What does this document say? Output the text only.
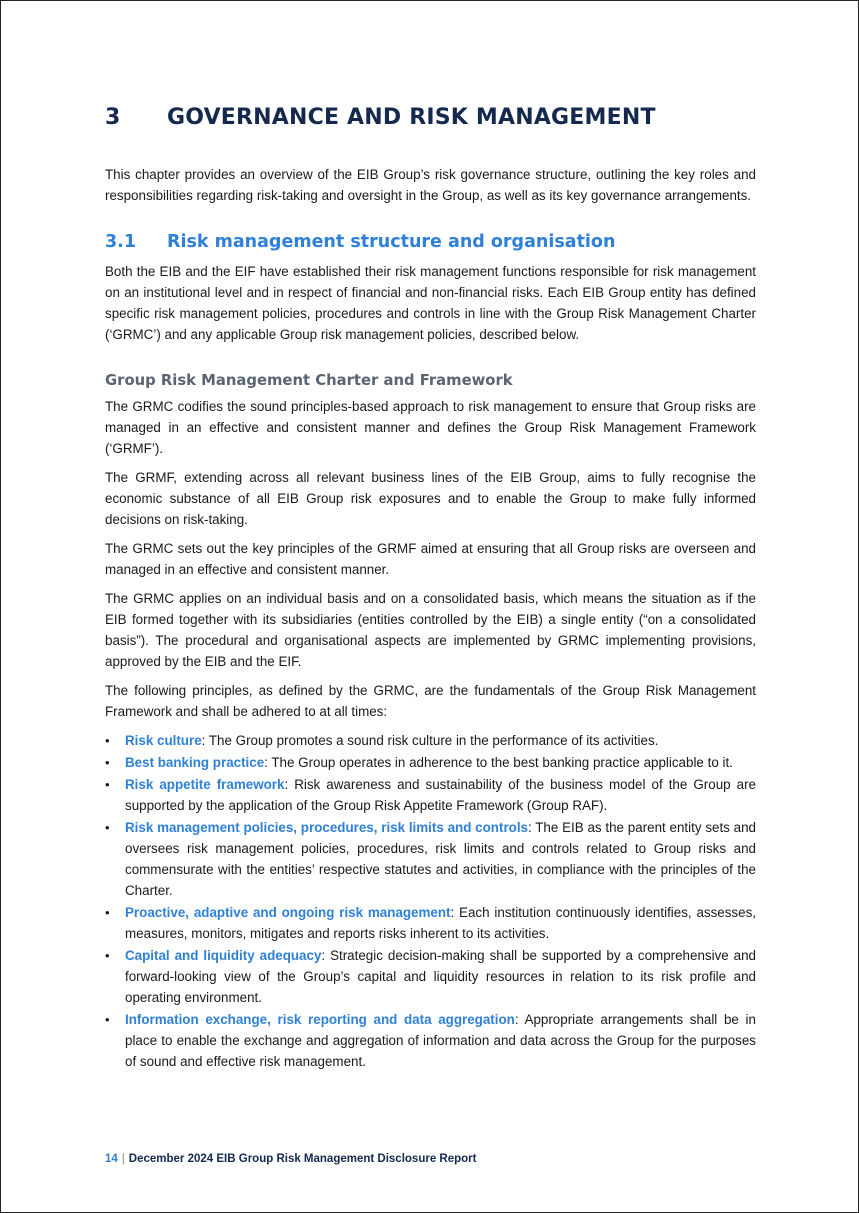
3	GOVERNANCE AND RISK MANAGEMENT

This chapter provides an overview of the EIB Group’s risk governance structure, outlining the key roles and responsibilities regarding risk-taking and oversight in the Group, as well as its key governance arrangements.

3.1	Risk management structure and organisation

Both the EIB and the EIF have established their risk management functions responsible for risk management on an institutional level and in respect of financial and non-financial risks. Each EIB Group entity has defined specific risk management policies, procedures and controls in line with the Group Risk Management Charter (‘GRMC’) and any applicable Group risk management policies, described below.

Group Risk Management Charter and Framework

The GRMC codifies the sound principles-based approach to risk management to ensure that Group risks are managed in an effective and consistent manner and defines the Group Risk Management Framework (‘GRMF’).

The GRMF, extending across all relevant business lines of the EIB Group, aims to fully recognise the economic substance of all EIB Group risk exposures and to enable the Group to make fully informed decisions on risk-taking.

The GRMC sets out the key principles of the GRMF aimed at ensuring that all Group risks are overseen and managed in an effective and consistent manner.

The GRMC applies on an individual basis and on a consolidated basis, which means the situation as if the EIB formed together with its subsidiaries (entities controlled by the EIB) a single entity (“on a consolidated basis”). The procedural and organisational aspects are implemented by GRMC implementing provisions, approved by the EIB and the EIF.

The following principles, as defined by the GRMC, are the fundamentals of the Group Risk Management Framework and shall be adhered to at all times:

• Risk culture: The Group promotes a sound risk culture in the performance of its activities.
• Best banking practice: The Group operates in adherence to the best banking practice applicable to it.
• Risk appetite framework: Risk awareness and sustainability of the business model of the Group are supported by the application of the Group Risk Appetite Framework (Group RAF).
• Risk management policies, procedures, risk limits and controls: The EIB as the parent entity sets and oversees risk management policies, procedures, risk limits and controls related to Group risks and commensurate with the entities’ respective statutes and activities, in compliance with the principles of the Charter.
• Proactive, adaptive and ongoing risk management: Each institution continuously identifies, assesses, measures, monitors, mitigates and reports risks inherent to its activities.
• Capital and liquidity adequacy: Strategic decision-making shall be supported by a comprehensive and forward-looking view of the Group’s capital and liquidity resources in relation to its risk profile and operating environment.
• Information exchange, risk reporting and data aggregation: Appropriate arrangements shall be in place to enable the exchange and aggregation of information and data across the Group for the purposes of sound and effective risk management.
14 | December 2024 EIB Group Risk Management Disclosure Report
